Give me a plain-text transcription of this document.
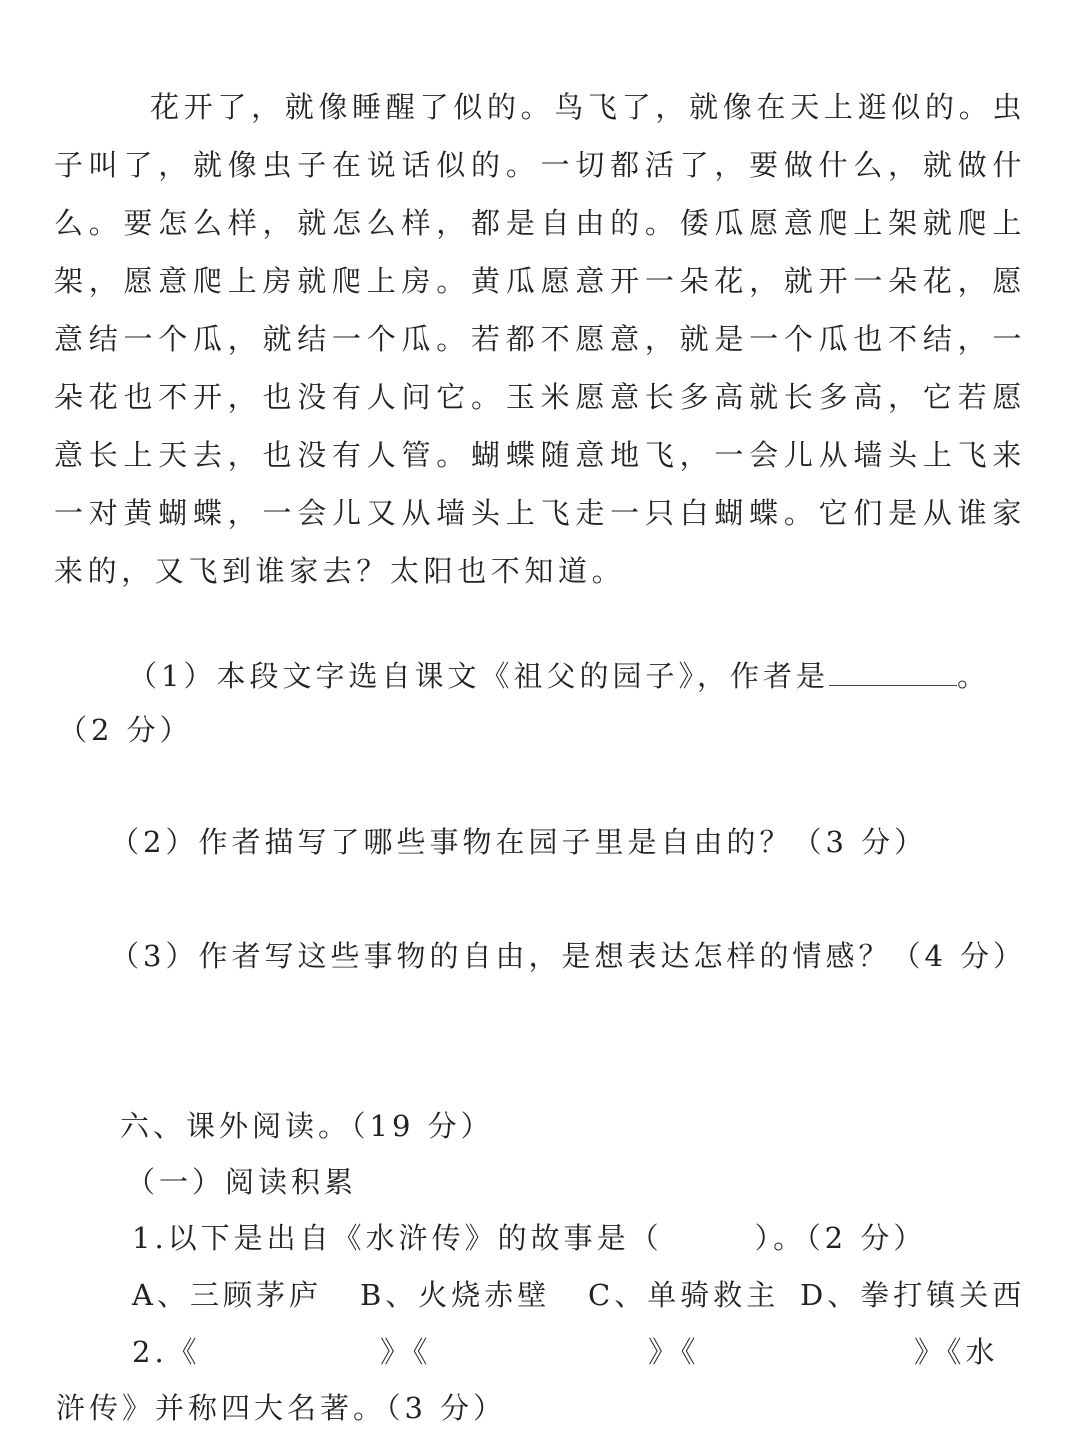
花开了，就像睡醒了似的。鸟飞了，就像在天上逛似的。虫子叫了，就像虫子在说话似的。一切都活了，要做什么，就做什么。要怎么样，就怎么样，都是自由的。倭瓜愿意爬上架就爬上架，愿意爬上房就爬上房。黄瓜愿意开一朵花，就开一朵花，愿意结一个瓜，就结一个瓜。若都不愿意，就是一个瓜也不结，一朵花也不开，也没有人问它。玉米愿意长多高就长多高，它若愿意长上天去，也没有人管。蝴蝶随意地飞，一会儿从墙头上飞来一对黄蝴蝶，一会儿又从墙头上飞走一只白蝴蝶。它们是从谁家来的，又飞到谁家去？太阳也不知道。

（1）本段文字选自课文《祖父的园子》，作者是	。
（2 分）
（2）作者描写了哪些事物在园子里是自由的？（3 分）
（3）作者写这些事物的自由，是想表达怎样的情感？（4 分）
六、课外阅读。（19 分）
（一）阅读积累
1.以下是出自《水浒传》的故事是（	）。（2 分）
A、三顾茅庐 B、火烧赤壁 C、单骑救主 D、拳打镇关西
2.《	》《	》《	》《水
浒传》并称四大名著。（3 分）
